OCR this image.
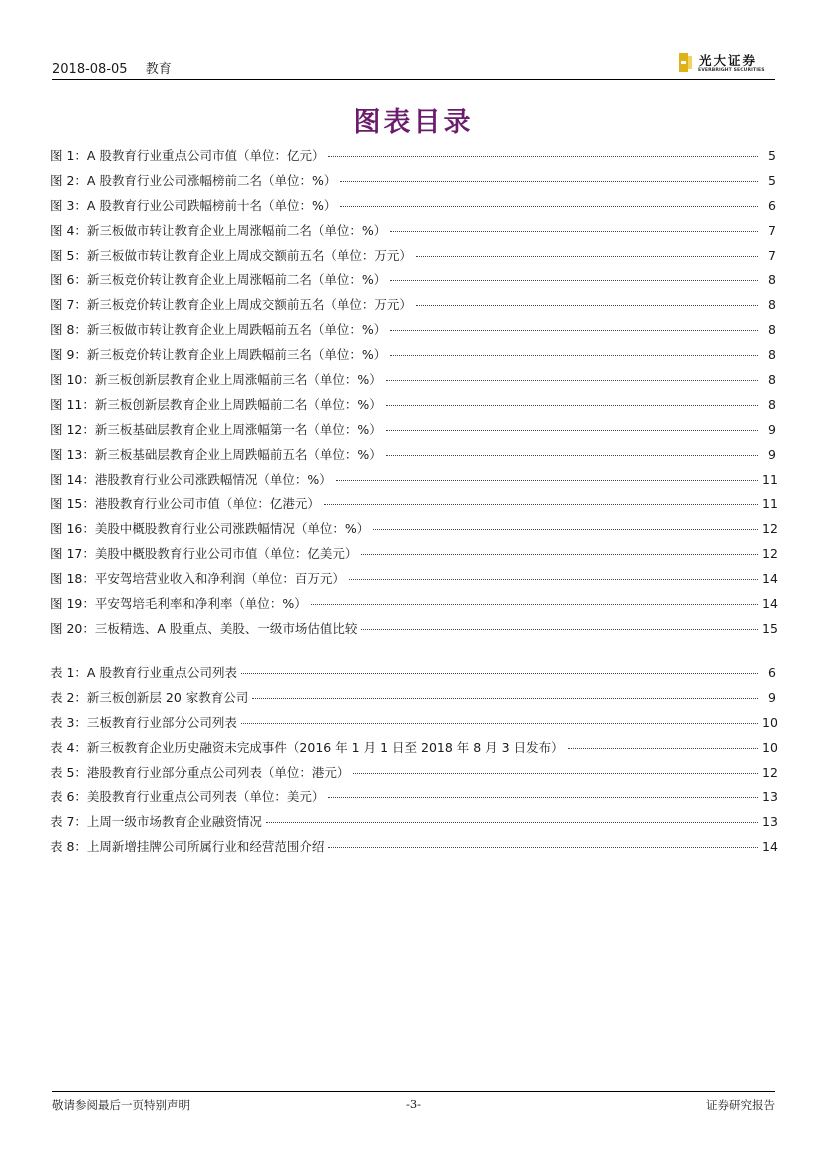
2018-08-05 教育
光大证券
EVERBRIGHT SECURITIES
图表目录
图 1：A 股教育行业重点公司市值（单位：亿元）	5
图 2：A 股教育行业公司涨幅榜前二名（单位：%）	5
图 3：A 股教育行业公司跌幅榜前十名（单位：%）	6
图 4：新三板做市转让教育企业上周涨幅前二名（单位：%）	7
图 5：新三板做市转让教育企业上周成交额前五名（单位：万元）	7
图 6：新三板竞价转让教育企业上周涨幅前二名（单位：%）	8
图 7：新三板竞价转让教育企业上周成交额前五名（单位：万元）	8
图 8：新三板做市转让教育企业上周跌幅前五名（单位：%）	8
图 9：新三板竞价转让教育企业上周跌幅前三名（单位：%）	8
图 10：新三板创新层教育企业上周涨幅前三名（单位：%）	8
图 11：新三板创新层教育企业上周跌幅前二名（单位：%）	8
图 12：新三板基础层教育企业上周涨幅第一名（单位：%）	9
图 13：新三板基础层教育企业上周跌幅前五名（单位：%）	9
图 14：港股教育行业公司涨跌幅情况（单位：%）	11
图 15：港股教育行业公司市值（单位：亿港元）	11
图 16：美股中概股教育行业公司涨跌幅情况（单位：%）	12
图 17：美股中概股教育行业公司市值（单位：亿美元）	12
图 18：平安驾培营业收入和净利润（单位：百万元）	14
图 19：平安驾培毛利率和净利率（单位：%）	14
图 20：三板精选、A 股重点、美股、一级市场估值比较	15
表 1：A 股教育行业重点公司列表	6
表 2：新三板创新层 20 家教育公司	9
表 3：三板教育行业部分公司列表	10
表 4：新三板教育企业历史融资未完成事件（2016 年 1 月 1 日至 2018 年 8 月 3 日发布）	10
表 5：港股教育行业部分重点公司列表（单位：港元）	12
表 6：美股教育行业重点公司列表（单位：美元）	13
表 7：上周一级市场教育企业融资情况	13
表 8：上周新增挂牌公司所属行业和经营范围介绍	14
敬请参阅最后一页特别声明	-3-	证券研究报告
